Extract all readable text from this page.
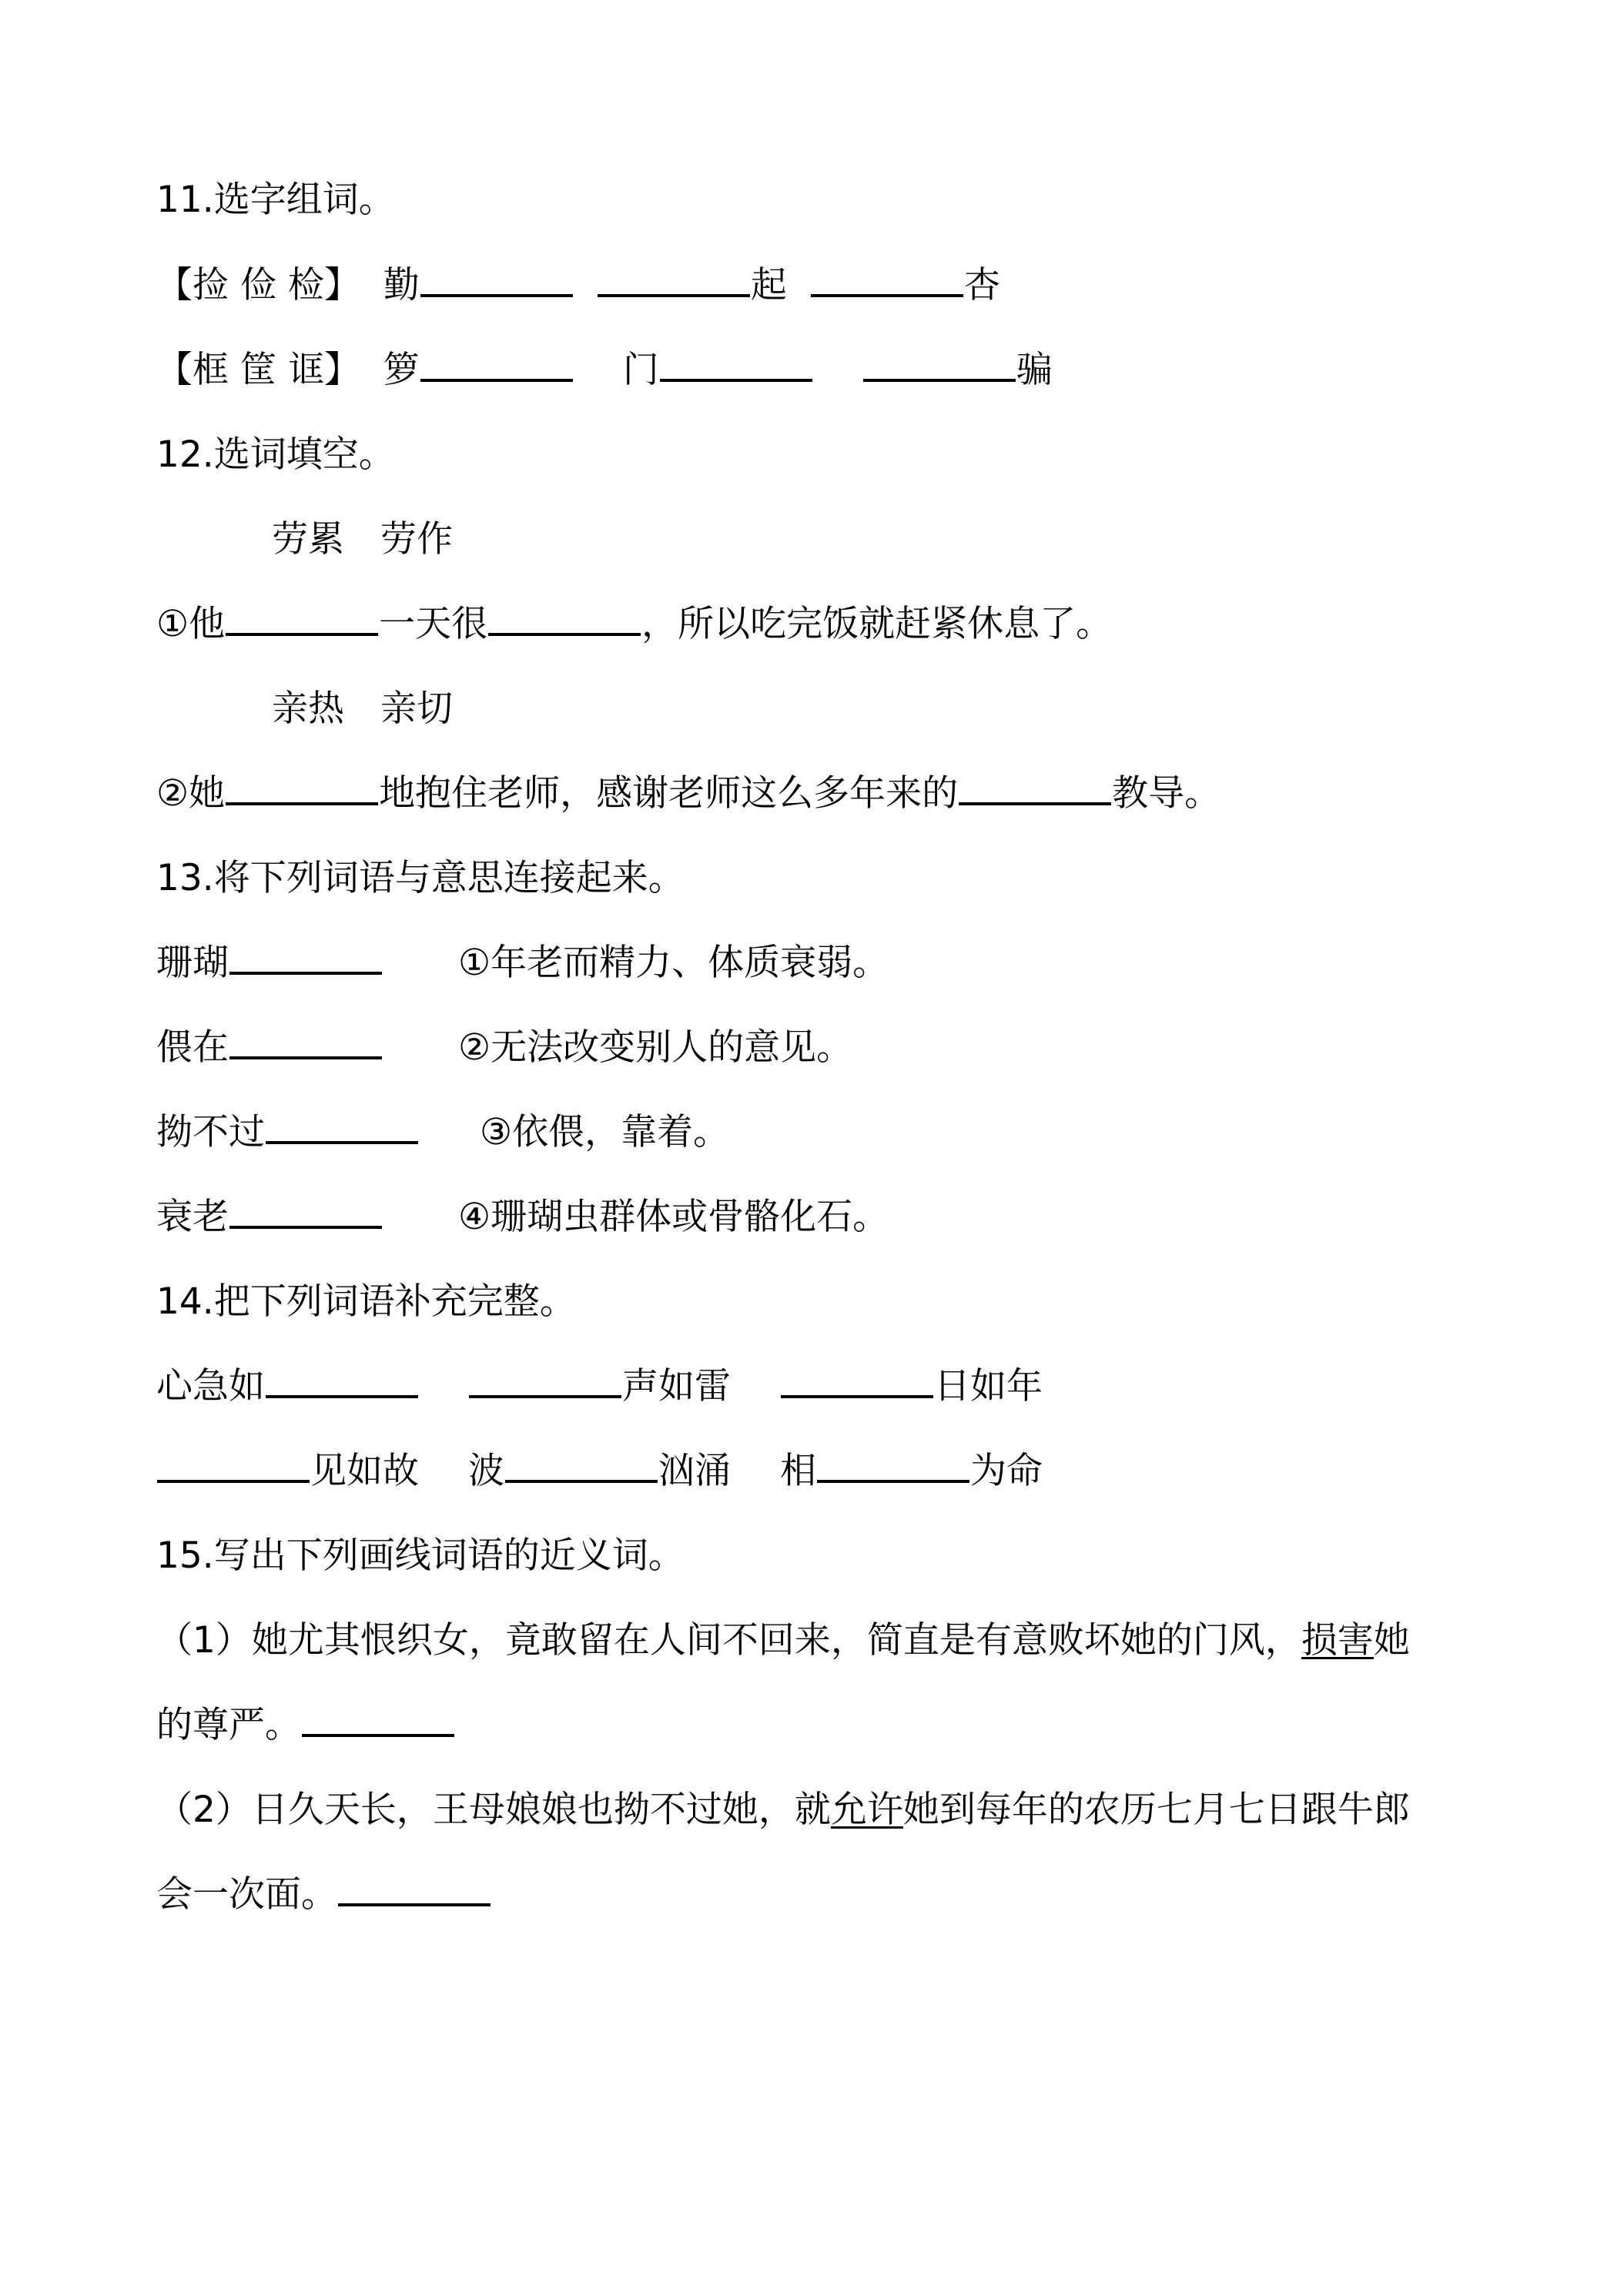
11.选字组词。
【捡 俭 检】 勤	起	杏
【框 筐 诓】 箩	门	骗
12.选词填空。
劳累　劳作
①他	一天很	，所以吃完饭就赶紧休息了。
亲热　亲切
②她	地抱住老师，感谢老师这么多年来的	教导。
13.将下列词语与意思连接起来。
珊瑚	①年老而精力、体质衰弱。
偎在	②无法改变别人的意见。
拗不过	③依偎，靠着。
衰老	④珊瑚虫群体或骨骼化石。
14.把下列词语补充完整。
心急如	声如雷	日如年
见如故 波	汹涌 相	为命
15.写出下列画线词语的近义词。
（1）她尤其恨织女，竟敢留在人间不回来，简直是有意败坏她的门风，损害她
的尊严。
（2）日久天长，王母娘娘也拗不过她，就允许她到每年的农历七月七日跟牛郎
会一次面。
